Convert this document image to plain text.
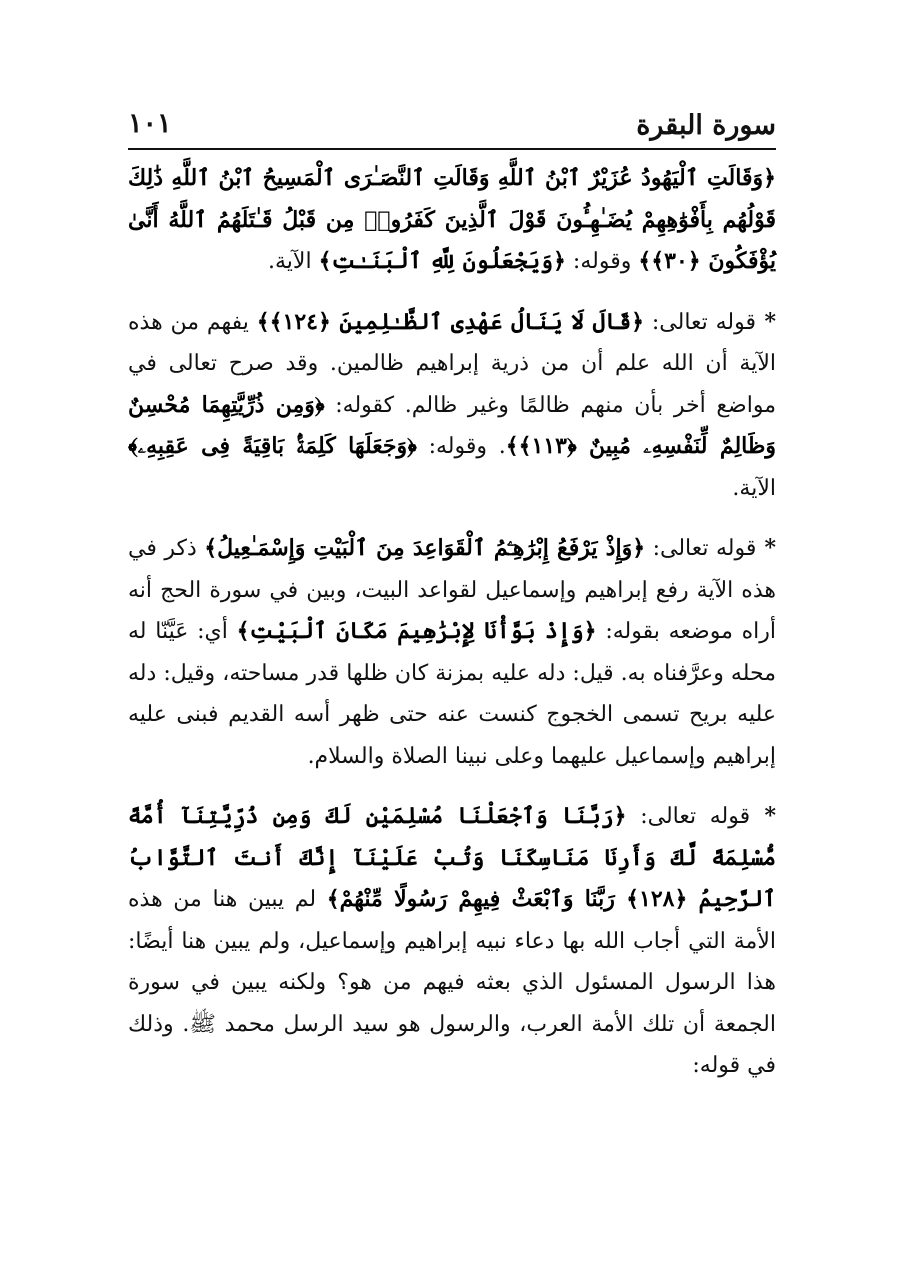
سورة البقرة
١٠١

﴿وَقَالَتِ ٱلْيَهُودُ عُزَيْرٌ ٱبْنُ ٱللَّهِ وَقَالَتِ ٱلنَّصَـٰرَى ٱلْمَسِيحُ ٱبْنُ ٱللَّهِ ذَٰلِكَ قَوْلُهُم بِأَفْوَٰهِهِمْ يُضَـٰهِـُٔونَ قَوْلَ ٱلَّذِينَ كَفَرُوا۟ مِن قَبْلُ قَـٰتَلَهُمُ ٱللَّهُ أَنَّىٰ يُؤْفَكُونَ ﴿٣٠﴾﴾ وقوله: ﴿وَيَجْعَلُونَ لِلَّهِ ٱلْبَنَـٰتِ﴾ الآية.

* قوله تعالى: ﴿قَالَ لَا يَنَالُ عَهْدِى ٱلظَّـٰلِمِينَ ﴿١٢٤﴾﴾ يفهم من هذه الآية أن الله علم أن من ذرية إبراهيم ظالمين. وقد صرح تعالى في مواضع أخر بأن منهم ظالمًا وغير ظالم. كقوله: ﴿وَمِن ذُرِّيَّتِهِمَا مُحْسِنٌ وَظَالِمٌ لِّنَفْسِهِۦ مُبِينٌ ﴿١١٣﴾﴾. وقوله: ﴿وَجَعَلَهَا كَلِمَةًۢ بَاقِيَةً فِى عَقِبِهِۦ﴾ الآية.

* قوله تعالى: ﴿وَإِذْ يَرْفَعُ إِبْرَٰهِـۧمُ ٱلْقَوَاعِدَ مِنَ ٱلْبَيْتِ وَإِسْمَـٰعِيلُ﴾ ذكر في هذه الآية رفع إبراهيم وإسماعيل لقواعد البيت، وبين في سورة الحج أنه أراه موضعه بقوله: ﴿وَإِذْ بَوَّأْنَا لِإِبْرَٰهِيمَ مَكَانَ ٱلْبَيْتِ﴾ أي: عَيَّنّا له محله وعرَّفناه به. قيل: دله عليه بمزنة كان ظلها قدر مساحته، وقيل: دله عليه بريح تسمى الخجوج كنست عنه حتى ظهر أسه القديم فبنى عليه إبراهيم وإسماعيل عليهما وعلى نبينا الصلاة والسلام.

* قوله تعالى: ﴿رَبَّنَا وَٱجْعَلْنَا مُسْلِمَيْنِ لَكَ وَمِن ذُرِّيَّتِنَآ أُمَّةً مُّسْلِمَةً لَّكَ وَأَرِنَا مَنَاسِكَنَا وَتُبْ عَلَيْنَآ إِنَّكَ أَنتَ ٱلتَّوَّابُ ٱلرَّحِيمُ ﴿١٢٨﴾ رَبَّنَا وَٱبْعَثْ فِيهِمْ رَسُولًا مِّنْهُمْ﴾ لم يبين هنا من هذه الأمة التي أجاب الله بها دعاء نبيه إبراهيم وإسماعيل، ولم يبين هنا أيضًا: هذا الرسول المسئول الذي بعثه فيهم من هو؟ ولكنه يبين في سورة الجمعة أن تلك الأمة العرب، والرسول هو سيد الرسل محمد ﷺ. وذلك في قوله:
